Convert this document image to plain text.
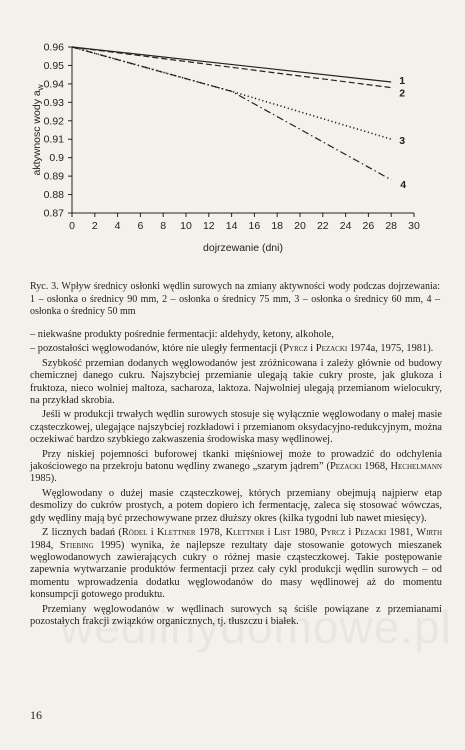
0.96
0.95
0.94
0.93
0.92
0.91
0.9
0.89
0.88
0.87
0 2 4 6 8 10 12 14 16 18 20 22 24 26 28 30
dojrzewanie (dni)
aktywnosc wody $a_w$
1
2
3
4
Ryc. 3. Wpływ średnicy osłonki wędlin surowych na zmiany aktywności wody podczas dojrzewania: 1 – osłonka o średnicy 90 mm, 2 – osłonka o średnicy 75 mm, 3 – osłonka o średnicy 60 mm, 4 – osłonka o średnicy 50 mm

– niekwaśne produkty pośrednie fermentacji: aldehydy, ketony, alkohole,

– pozostałości węglowodanów, które nie uległy fermentacji (Pyrcz i Pezacki 1974a, 1975, 1981).

Szybkość przemian dodanych węglowodanów jest zróżnicowana i zależy głównie od budowy chemicznej danego cukru. Najszybciej przemianie ulegają takie cukry proste, jak glukoza i fruktoza, nieco wolniej maltoza, sacharoza, laktoza. Najwolniej ulegają przemianom wielocukry, na przykład skrobia.

Jeśli w produkcji trwałych wędlin surowych stosuje się wyłącznie węglowodany o małej masie cząsteczkowej, ulegające najszybciej rozkładowi i przemianom oksydacyjno-redukcyjnym, można oczekiwać bardzo szybkiego zakwaszenia środowiska masy wędlinowej.

Przy niskiej pojemności buforowej tkanki mięśniowej może to prowadzić do odchylenia jakościowego na przekroju batonu wędliny zwanego „szarym jądrem” (Pezacki 1968, Hechelmann 1985).

Węglowodany o dużej masie cząsteczkowej, których przemiany obejmują najpierw etap desmolizy do cukrów prostych, a potem dopiero ich fermentację, zaleca się stosować wówczas, gdy wędliny mają być przechowywane przez dłuższy okres (kilka tygodni lub nawet miesięcy).

Z licznych badań (Rödel i Klettner 1978, Klettner i List 1980, Pyrcz i Pezacki 1981, Wirth 1984, Stiebing 1995) wynika, że najlepsze rezultaty daje stosowanie gotowych mieszanek węglowodanowych zawierających cukry o różnej masie cząsteczkowej. Takie postępowanie zapewnia wytwarzanie produktów fermentacji przez cały cykl produkcji wędlin surowych – od momentu wprowadzenia dodatku węglowodanów do masy wędlinowej aż do momentu konsumpcji gotowego produktu.

Przemiany węglowodanów w wędlinach surowych są ściśle powiązane z przemianami pozostałych frakcji związków organicznych, tj. tłuszczu i białek.

16
